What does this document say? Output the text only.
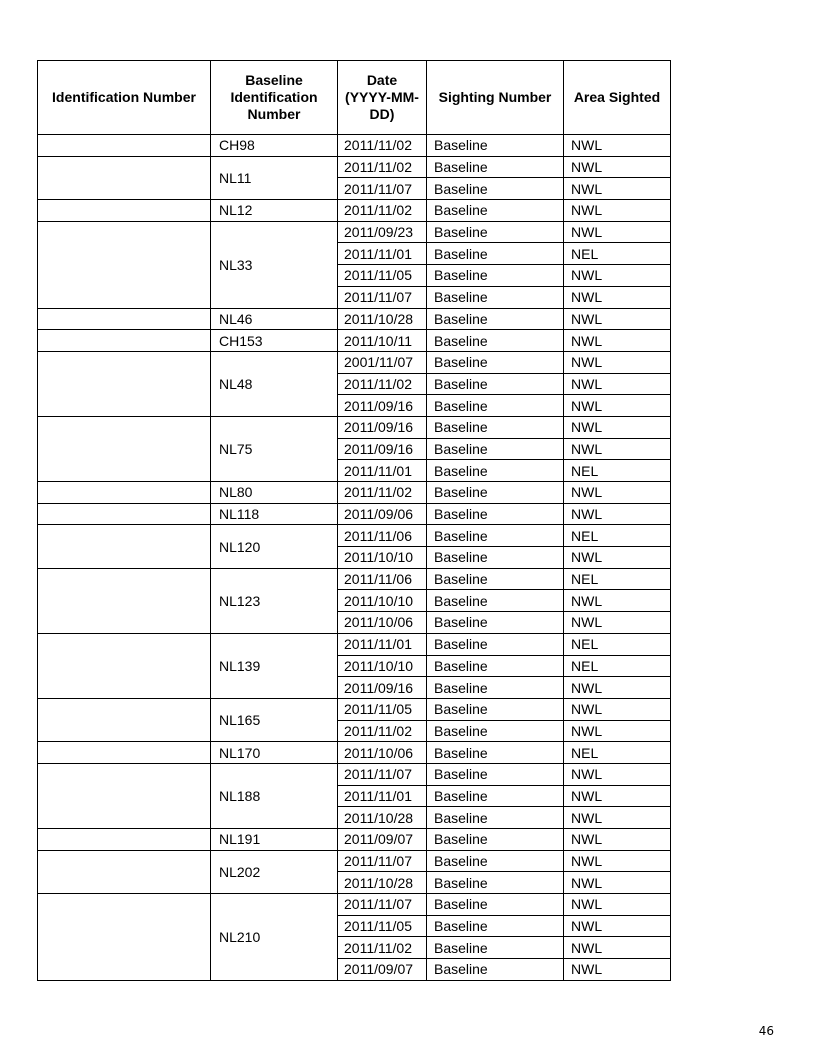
Identification Number	Baseline Identification Number	Date (YYYY-MM-DD)	Sighting Number	Area Sighted
	CH98	2011/11/02	Baseline	NWL
	NL11	2011/11/02	Baseline	NWL
		2011/11/07	Baseline	NWL
	NL12	2011/11/02	Baseline	NWL
	NL33	2011/09/23	Baseline	NWL
		2011/11/01	Baseline	NEL
		2011/11/05	Baseline	NWL
		2011/11/07	Baseline	NWL
	NL46	2011/10/28	Baseline	NWL
	CH153	2011/10/11	Baseline	NWL
	NL48	2001/11/07	Baseline	NWL
		2011/11/02	Baseline	NWL
		2011/09/16	Baseline	NWL
	NL75	2011/09/16	Baseline	NWL
		2011/09/16	Baseline	NWL
		2011/11/01	Baseline	NEL
	NL80	2011/11/02	Baseline	NWL
	NL118	2011/09/06	Baseline	NWL
	NL120	2011/11/06	Baseline	NEL
		2011/10/10	Baseline	NWL
	NL123	2011/11/06	Baseline	NEL
		2011/10/10	Baseline	NWL
		2011/10/06	Baseline	NWL
	NL139	2011/11/01	Baseline	NEL
		2011/10/10	Baseline	NEL
		2011/09/16	Baseline	NWL
	NL165	2011/11/05	Baseline	NWL
		2011/11/02	Baseline	NWL
	NL170	2011/10/06	Baseline	NEL
	NL188	2011/11/07	Baseline	NWL
		2011/11/01	Baseline	NWL
		2011/10/28	Baseline	NWL
	NL191	2011/09/07	Baseline	NWL
	NL202	2011/11/07	Baseline	NWL
		2011/10/28	Baseline	NWL
	NL210	2011/11/07	Baseline	NWL
		2011/11/05	Baseline	NWL
		2011/11/02	Baseline	NWL
		2011/09/07	Baseline	NWL
46
